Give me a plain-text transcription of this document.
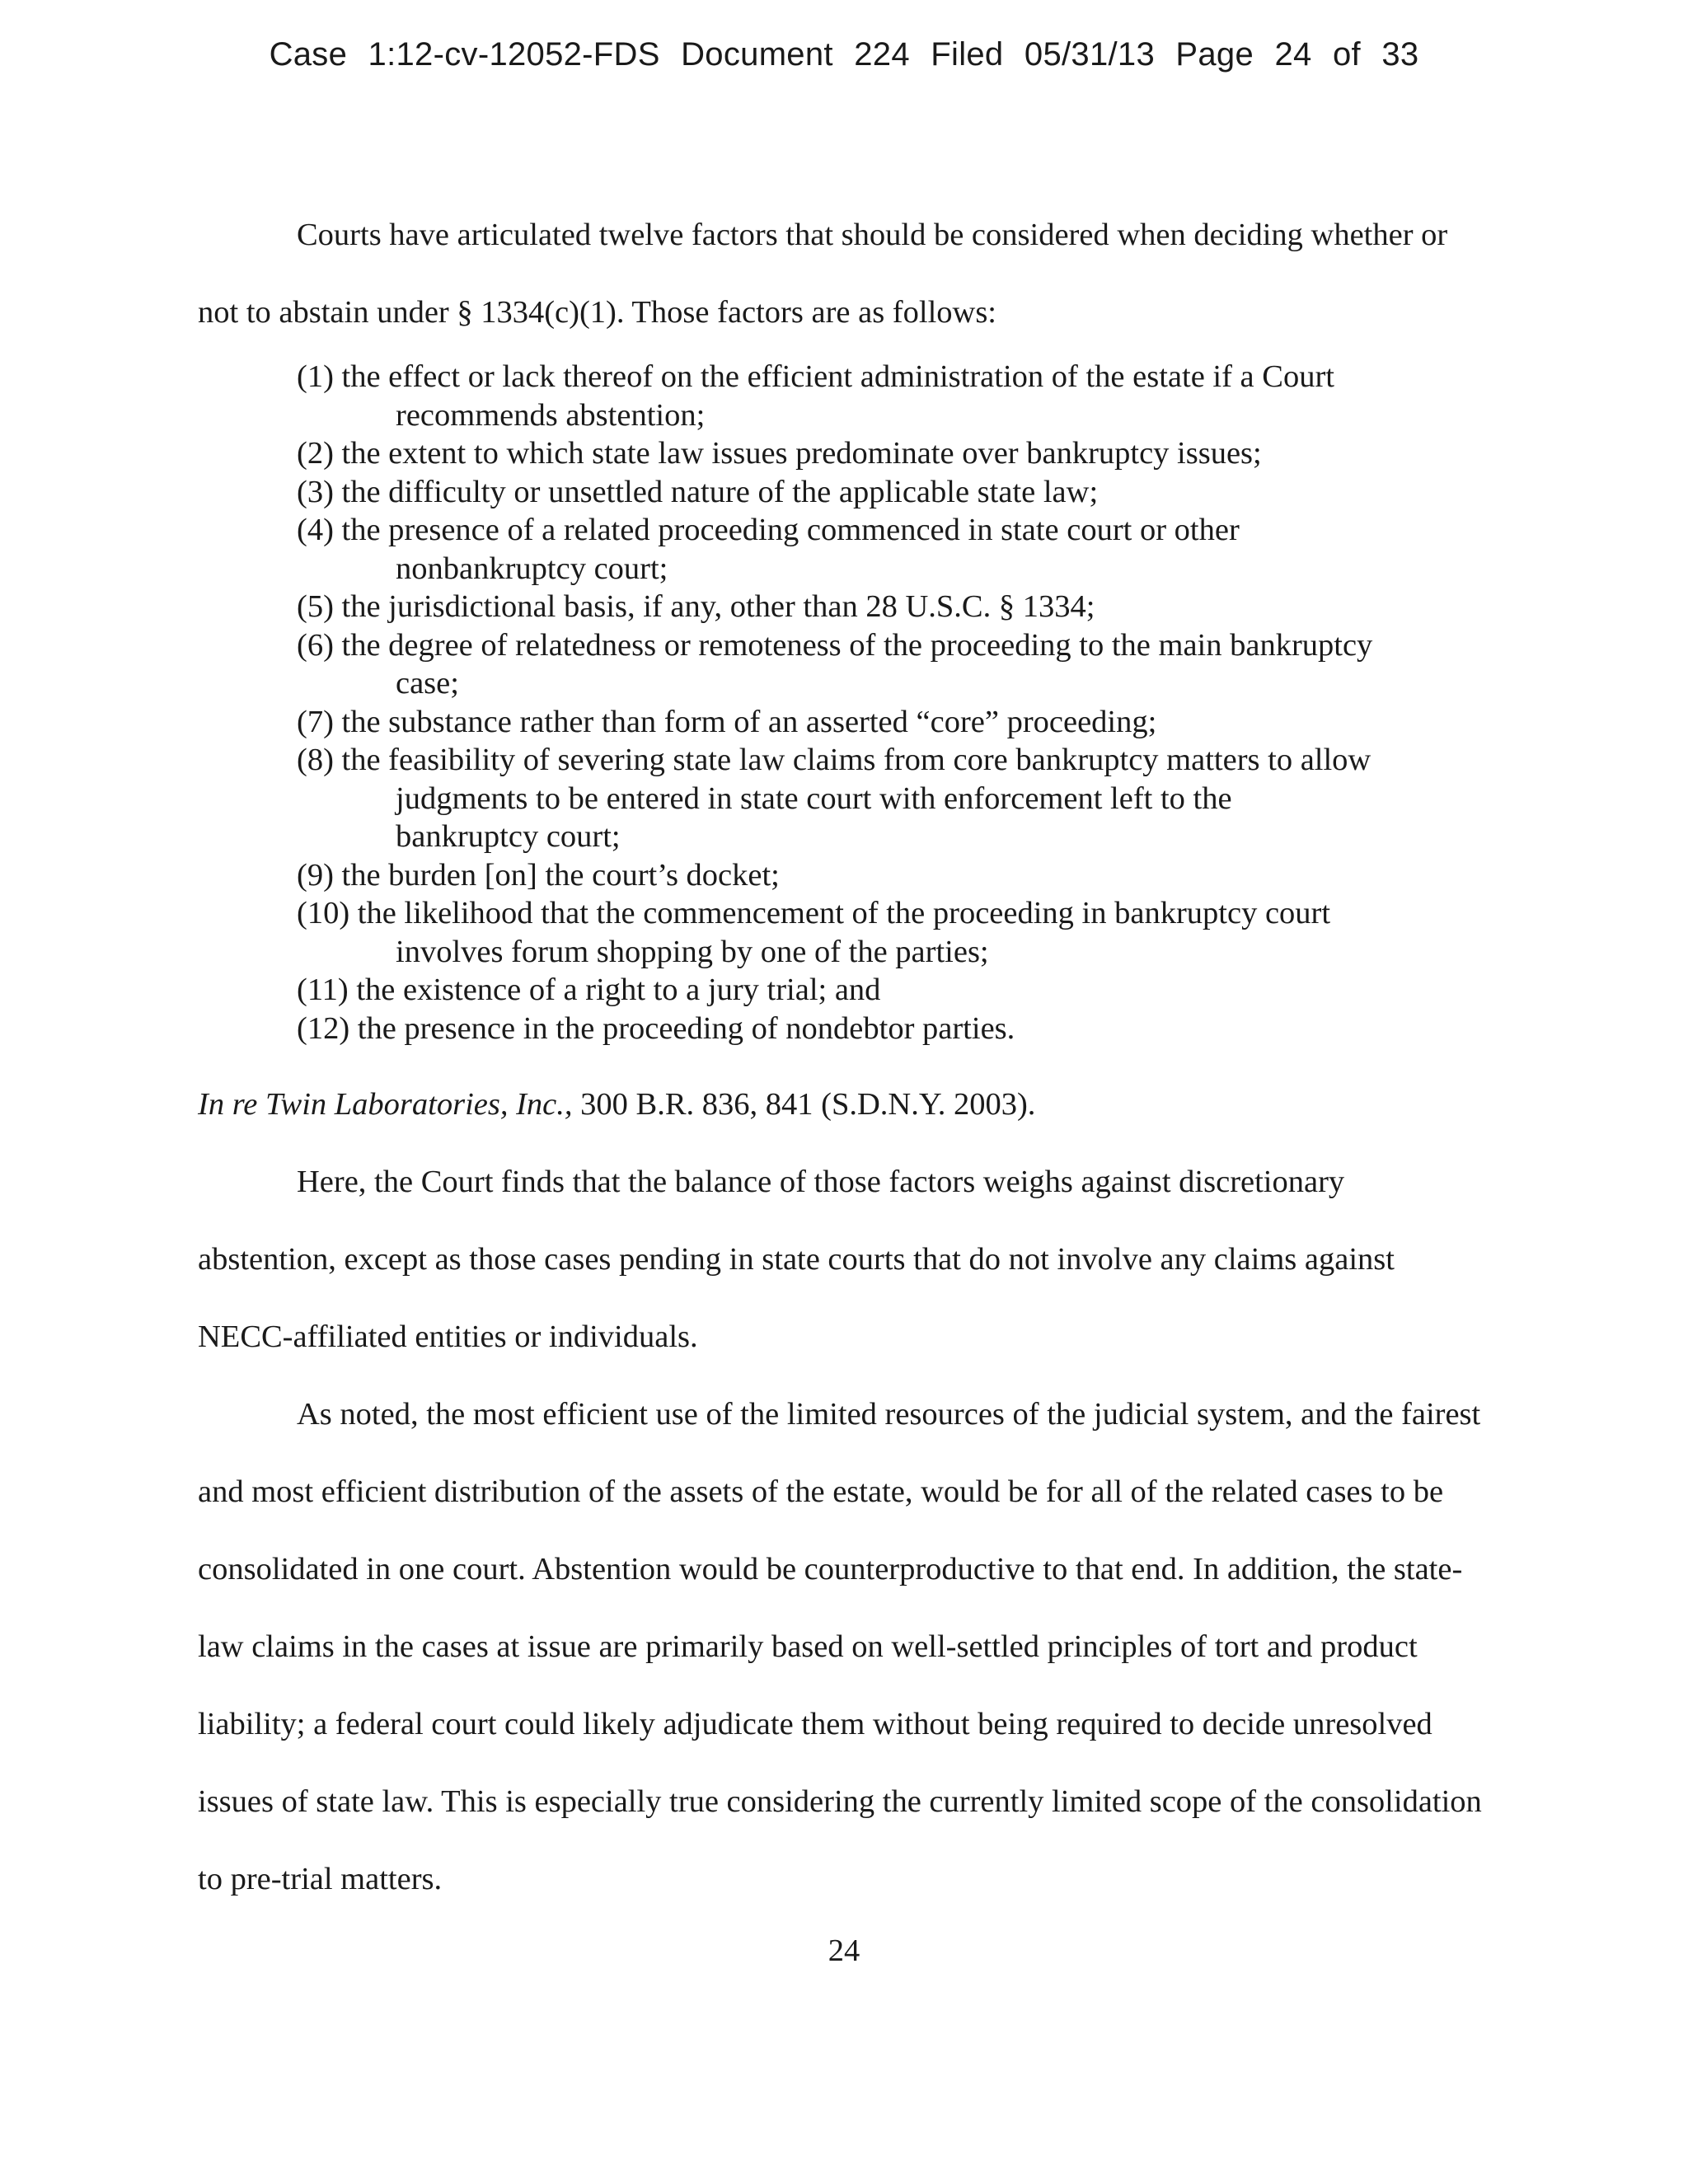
Case 1:12-cv-12052-FDS Document 224 Filed 05/31/13 Page 24 of 33

Courts have articulated twelve factors that should be considered when deciding whether or not to abstain under § 1334(c)(1). Those factors are as follows:

(1) the effect or lack thereof on the efficient administration of the estate if a Court recommends abstention;
(2) the extent to which state law issues predominate over bankruptcy issues;
(3) the difficulty or unsettled nature of the applicable state law;
(4) the presence of a related proceeding commenced in state court or other nonbankruptcy court;
(5) the jurisdictional basis, if any, other than 28 U.S.C. § 1334;
(6) the degree of relatedness or remoteness of the proceeding to the main bankruptcy case;
(7) the substance rather than form of an asserted “core” proceeding;
(8) the feasibility of severing state law claims from core bankruptcy matters to allow judgments to be entered in state court with enforcement left to the bankruptcy court;
(9) the burden [on] the court’s docket;
(10) the likelihood that the commencement of the proceeding in bankruptcy court involves forum shopping by one of the parties;
(11) the existence of a right to a jury trial; and
(12) the presence in the proceeding of nondebtor parties.

In re Twin Laboratories, Inc., 300 B.R. 836, 841 (S.D.N.Y. 2003).

Here, the Court finds that the balance of those factors weighs against discretionary abstention, except as those cases pending in state courts that do not involve any claims against NECC-affiliated entities or individuals.

As noted, the most efficient use of the limited resources of the judicial system, and the fairest and most efficient distribution of the assets of the estate, would be for all of the related cases to be consolidated in one court. Abstention would be counterproductive to that end. In addition, the state-law claims in the cases at issue are primarily based on well-settled principles of tort and product liability; a federal court could likely adjudicate them without being required to decide unresolved issues of state law. This is especially true considering the currently limited scope of the consolidation to pre-trial matters.

24
